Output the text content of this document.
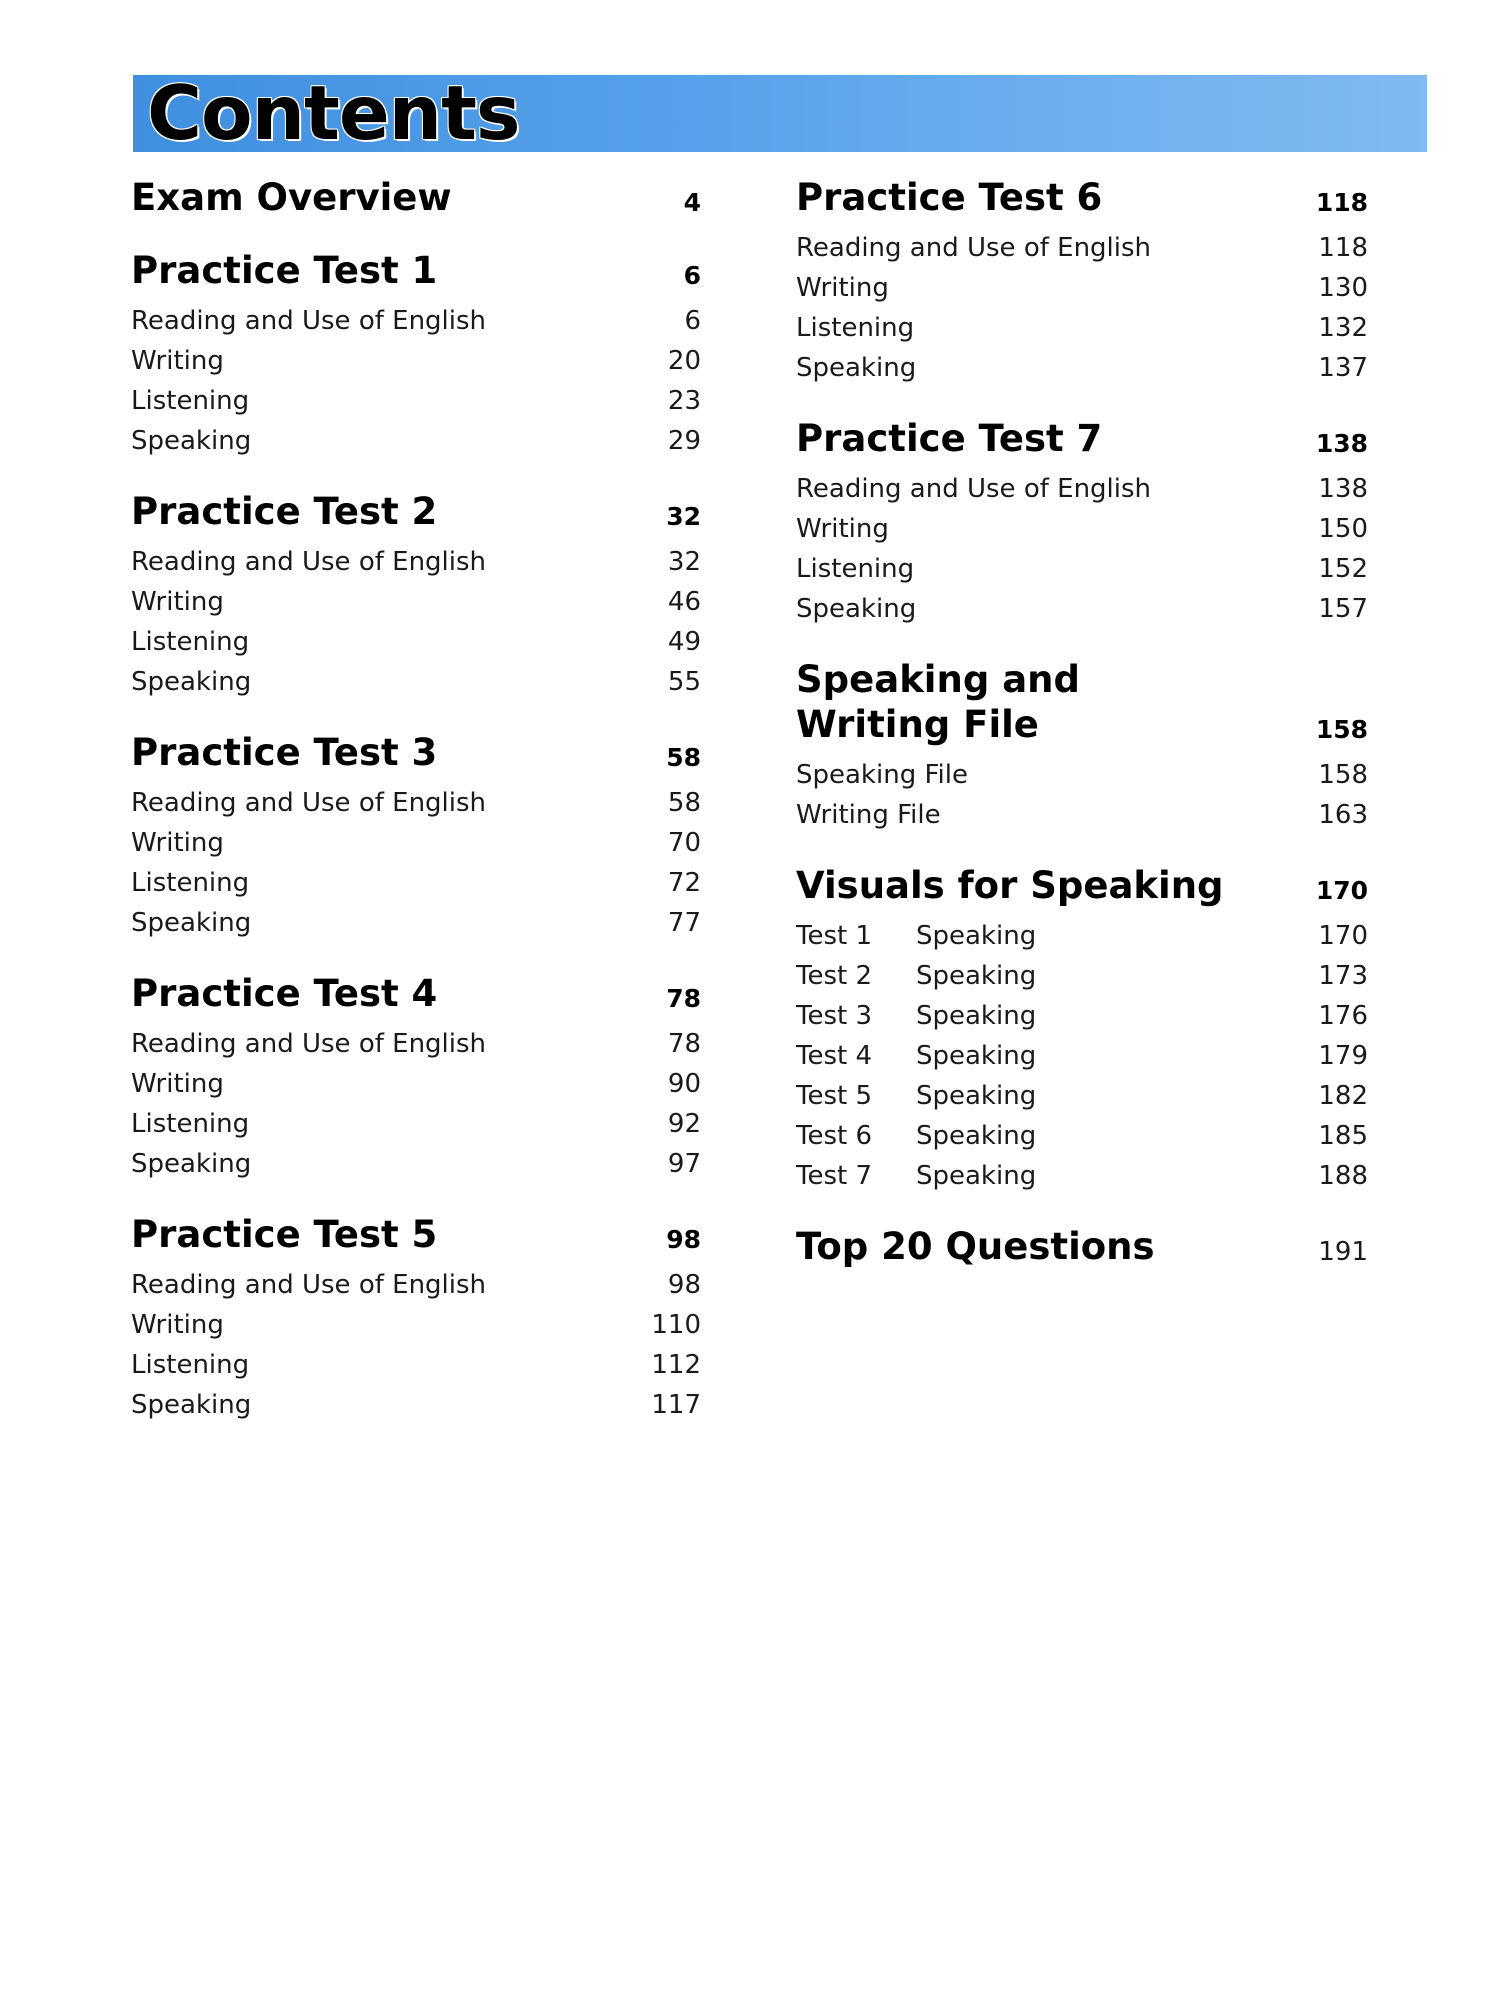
Contents
Exam Overview	4
Practice Test 1	6
Reading and Use of English	6
Writing	20
Listening	23
Speaking	29
Practice Test 2	32
Reading and Use of English	32
Writing	46
Listening	49
Speaking	55
Practice Test 3	58
Reading and Use of English	58
Writing	70
Listening	72
Speaking	77
Practice Test 4	78
Reading and Use of English	78
Writing	90
Listening	92
Speaking	97
Practice Test 5	98
Reading and Use of English	98
Writing	110
Listening	112
Speaking	117
Practice Test 6	118
Reading and Use of English	118
Writing	130
Listening	132
Speaking	137
Practice Test 7	138
Reading and Use of English	138
Writing	150
Listening	152
Speaking	157
Speaking and
Writing File	158
Speaking File	158
Writing File	163
Visuals for Speaking	170
Test 1	Speaking	170
Test 2	Speaking	173
Test 3	Speaking	176
Test 4	Speaking	179
Test 5	Speaking	182
Test 6	Speaking	185
Test 7	Speaking	188
Top 20 Questions	191
